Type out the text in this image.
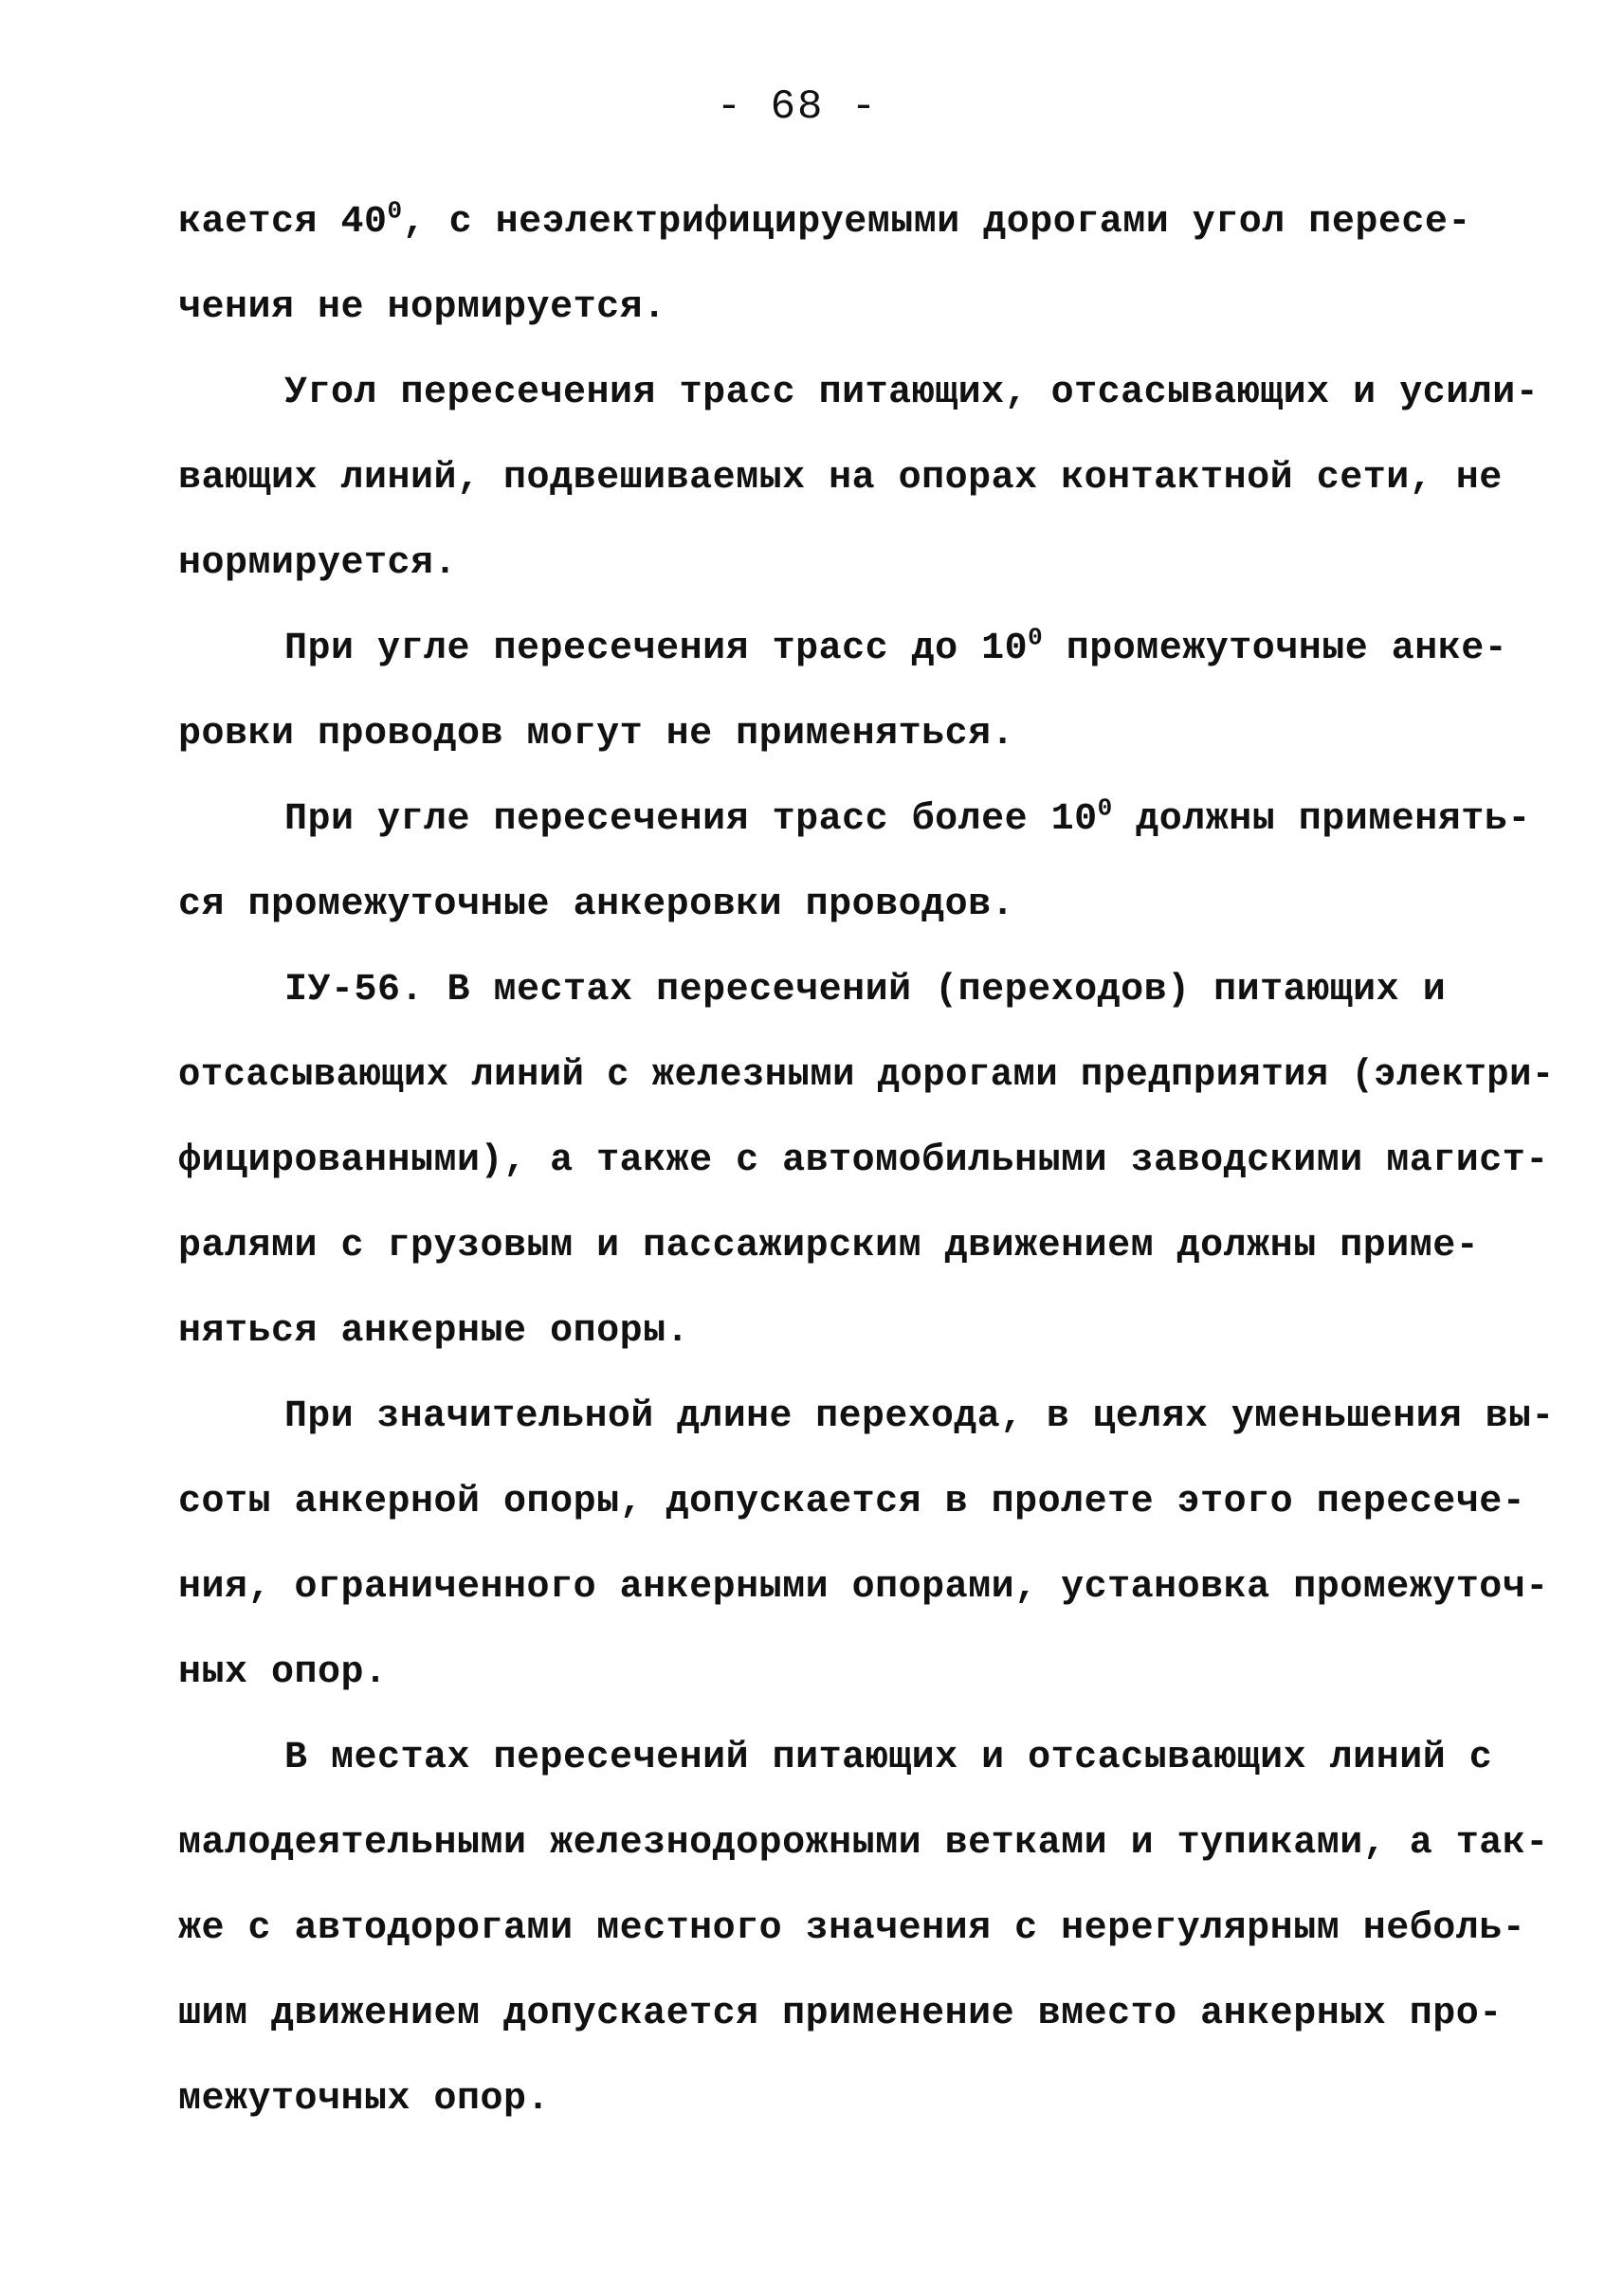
- 68 -
кается $40^0$, с неэлектрифицируемыми дорогами угол пересе-
чения не нормируется.
Угол пересечения трасс питающих, отсасывающих и усили-
вающих линий, подвешиваемых на опорах контактной сети, не
нормируется.
При угле пересечения трасс до $10^0$ промежуточные анке-
ровки проводов могут не применяться.
При угле пересечения трасс более $10^0$ должны применять-
ся промежуточные анкеровки проводов.
IУ-56. В местах пересечений (переходов) питающих и
отсасывающих линий с железными дорогами предприятия (электри-
фицированными), а также с автомобильными заводскими магист-
ралями с грузовым и пассажирским движением должны приме-
няться анкерные опоры.
При значительной длине перехода, в целях уменьшения вы-
соты анкерной опоры, допускается в пролете этого пересече-
ния, ограниченного анкерными опорами, установка промежуточ-
ных опор.
В местах пересечений питающих и отсасывающих линий с
малодеятельными железнодорожными ветками и тупиками, а так-
же с автодорогами местного значения с нерегулярным неболь-
шим движением допускается применение вместо анкерных про-
межуточных опор.
